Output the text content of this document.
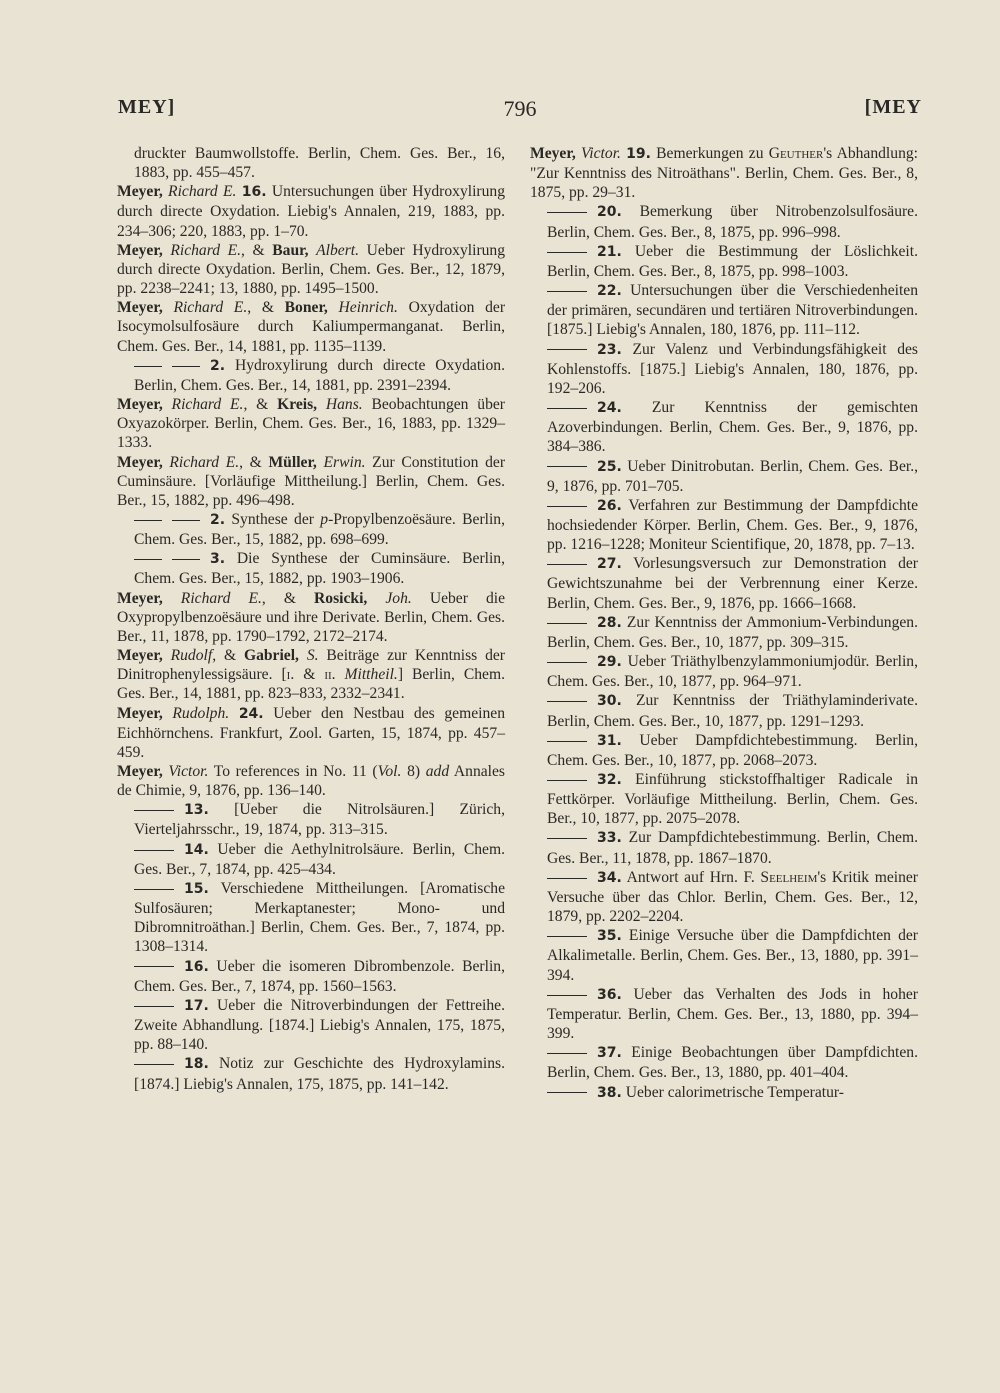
MEY]	796	[MEY

druckter Baumwollstoffe. Berlin, Chem. Ges. Ber., 16, 1883, pp. 455–457.

Meyer, Richard E. 16. Untersuchungen über Hydroxylirung durch directe Oxydation. Liebig's Annalen, 219, 1883, pp. 234–306; 220, 1883, pp. 1–70.

Meyer, Richard E., & Baur, Albert. Ueber Hydroxylirung durch directe Oxydation. Berlin, Chem. Ges. Ber., 12, 1879, pp. 2238–2241; 13, 1880, pp. 1495–1500.

Meyer, Richard E., & Boner, Heinrich. Oxydation der Isocymolsulfosäure durch Kaliumpermanganat. Berlin, Chem. Ges. Ber., 14, 1881, pp. 1135–1139.

2. Hydroxylirung durch directe Oxydation. Berlin, Chem. Ges. Ber., 14, 1881, pp. 2391–2394.

Meyer, Richard E., & Kreis, Hans. Beobachtungen über Oxyazokörper. Berlin, Chem. Ges. Ber., 16, 1883, pp. 1329–1333.

Meyer, Richard E., & Müller, Erwin. Zur Constitution der Cuminsäure. [Vorläufige Mittheilung.] Berlin, Chem. Ges. Ber., 15, 1882, pp. 496–498.

2. Synthese der p-Propylbenzoësäure. Berlin, Chem. Ges. Ber., 15, 1882, pp. 698–699.

3. Die Synthese der Cuminsäure. Berlin, Chem. Ges. Ber., 15, 1882, pp. 1903–1906.

Meyer, Richard E., & Rosicki, Joh. Ueber die Oxypropylbenzoësäure und ihre Derivate. Berlin, Chem. Ges. Ber., 11, 1878, pp. 1790–1792, 2172–2174.

Meyer, Rudolf, & Gabriel, S. Beiträge zur Kenntniss der Dinitrophenylessigsäure. [i. & ii. Mittheil.] Berlin, Chem. Ges. Ber., 14, 1881, pp. 823–833, 2332–2341.

Meyer, Rudolph. 24. Ueber den Nestbau des gemeinen Eichhörnchens. Frankfurt, Zool. Garten, 15, 1874, pp. 457–459.

Meyer, Victor. To references in No. 11 (Vol. 8) add Annales de Chimie, 9, 1876, pp. 136–140.

13. [Ueber die Nitrolsäuren.] Zürich, Vierteljahrsschr., 19, 1874, pp. 313–315.

14. Ueber die Aethylnitrolsäure. Berlin, Chem. Ges. Ber., 7, 1874, pp. 425–434.

15. Verschiedene Mittheilungen. [Aromatische Sulfosäuren; Merkaptanester; Mono- und Dibromnitroäthan.] Berlin, Chem. Ges. Ber., 7, 1874, pp. 1308–1314.

16. Ueber die isomeren Dibrombenzole. Berlin, Chem. Ges. Ber., 7, 1874, pp. 1560–1563.

17. Ueber die Nitroverbindungen der Fettreihe. Zweite Abhandlung. [1874.] Liebig's Annalen, 175, 1875, pp. 88–140.

18. Notiz zur Geschichte des Hydroxylamins. [1874.] Liebig's Annalen, 175, 1875, pp. 141–142.

Meyer, Victor. 19. Bemerkungen zu Geuther's Abhandlung: "Zur Kenntniss des Nitroäthans". Berlin, Chem. Ges. Ber., 8, 1875, pp. 29–31.

20. Bemerkung über Nitrobenzolsulfosäure. Berlin, Chem. Ges. Ber., 8, 1875, pp. 996–998.

21. Ueber die Bestimmung der Löslichkeit. Berlin, Chem. Ges. Ber., 8, 1875, pp. 998–1003.

22. Untersuchungen über die Verschiedenheiten der primären, secundären und tertiären Nitroverbindungen. [1875.] Liebig's Annalen, 180, 1876, pp. 111–112.

23. Zur Valenz und Verbindungsfähigkeit des Kohlenstoffs. [1875.] Liebig's Annalen, 180, 1876, pp. 192–206.

24. Zur Kenntniss der gemischten Azoverbindungen. Berlin, Chem. Ges. Ber., 9, 1876, pp. 384–386.

25. Ueber Dinitrobutan. Berlin, Chem. Ges. Ber., 9, 1876, pp. 701–705.

26. Verfahren zur Bestimmung der Dampfdichte hochsiedender Körper. Berlin, Chem. Ges. Ber., 9, 1876, pp. 1216–1228; Moniteur Scientifique, 20, 1878, pp. 7–13.

27. Vorlesungsversuch zur Demonstration der Gewichtszunahme bei der Verbrennung einer Kerze. Berlin, Chem. Ges. Ber., 9, 1876, pp. 1666–1668.

28. Zur Kenntniss der Ammonium-Verbindungen. Berlin, Chem. Ges. Ber., 10, 1877, pp. 309–315.

29. Ueber Triäthylbenzylammoniumjodür. Berlin, Chem. Ges. Ber., 10, 1877, pp. 964–971.

30. Zur Kenntniss der Triäthylaminderivate. Berlin, Chem. Ges. Ber., 10, 1877, pp. 1291–1293.

31. Ueber Dampfdichtebestimmung. Berlin, Chem. Ges. Ber., 10, 1877, pp. 2068–2073.

32. Einführung stickstoffhaltiger Radicale in Fettkörper. Vorläufige Mittheilung. Berlin, Chem. Ges. Ber., 10, 1877, pp. 2075–2078.

33. Zur Dampfdichtebestimmung. Berlin, Chem. Ges. Ber., 11, 1878, pp. 1867–1870.

34. Antwort auf Hrn. F. Seelheim's Kritik meiner Versuche über das Chlor. Berlin, Chem. Ges. Ber., 12, 1879, pp. 2202–2204.

35. Einige Versuche über die Dampfdichten der Alkalimetalle. Berlin, Chem. Ges. Ber., 13, 1880, pp. 391–394.

36. Ueber das Verhalten des Jods in hoher Temperatur. Berlin, Chem. Ges. Ber., 13, 1880, pp. 394–399.

37. Einige Beobachtungen über Dampfdichten. Berlin, Chem. Ges. Ber., 13, 1880, pp. 401–404.

38. Ueber calorimetrische Temperatur-
